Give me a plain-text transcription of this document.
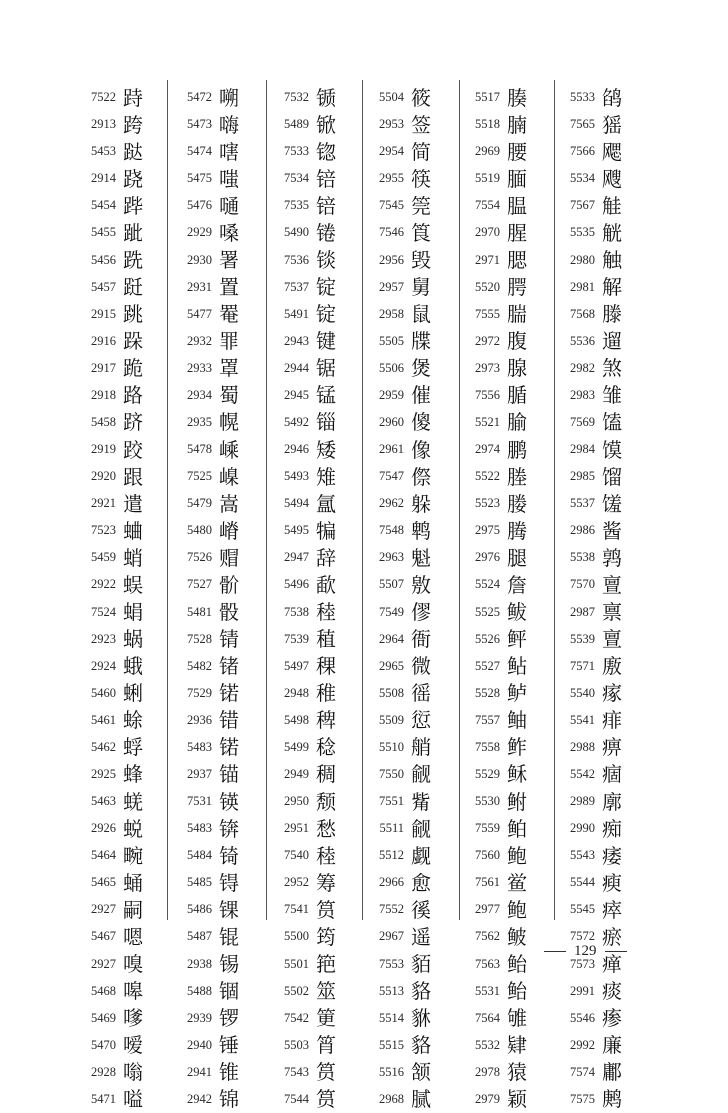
7522 跱
2913 跨
5453 跶
2914 跷
5454 跸
5455 跐
5456 跣
5457 跹
2915 跳
2916 跺
2917 跪
2918 路
5458 跻
2919 跤
2920 跟
2921 遣
7523 蛐
5459 蛸
2922 蜈
7524 蜎
2923 蜗
2924 蛾
5460 蜊
5461 蜍
5462 蜉
2925 蜂
5463 蜣
2926 蜕
5464 畹
5465 蛹
2927 嗣
5467 嗯
2927 嗅
5468 嗥
5469 嗲
5470 嗳
2928 嗡
5471 嗌
5472 嗍
5473 嗨
5474 嗐
5475 嗤
5476 嗵
2929 嗓
2930 署
2931 置
5477 罨
2932 罪
2933 罩
2934 蜀
2935 幌
5478 嵊
7525 嵲
5479 嵩
5480 嵴
7526 赗
7527 骱
5481 骰
7528 锖
5482 锗
7529 锘
2936 错
5483 锘
2937 锚
7531 锳
5483 锛
5484 锜
5485 锝
5486 锞
5487 锟
2938 锡
5488 锢
2939 锣
2940 锤
2941 锥
2942 锦
7532 锧
5489 锨
7533 锪
7534 锫
7535 锫
5490 锩
7536 锬
7537 锭
5491 锭
2943 键
2944 锯
2945 锰
5492 锱
2946 矮
5493 雉
5494 氲
5495 犏
2947 辞
5496 歃
7538 稑
7539 稙
5497 稞
2948 稚
5498 稗
5499 稔
2949 稠
2950 颓
2951 愁
7540 稑
2952 筹
7541 筼
5500 筠
5501 筢
5502 筮
7542 筻
5503 筲
7543 筼
7544 筼
5504 筱
2953 签
2954 简
2955 筷
7545 筦
7546 筤
2956 毁
2957 舅
2958 鼠
5505 牒
5506 煲
2959 催
2960 傻
2961 像
7547 傺
2962 躲
7548 鹎
2963 魁
5507 敫
7549 僇
2964 衙
2965 微
5508 徭
5509 愆
5510 艄
7550 觎
7551 觜
5511 觎
5512 觑
2966 愈
7552 徯
2967 遥
7553 貊
5513 貉
5514 貅
5515 貉
5516 颔
2968 腻
5517 腠
5518 腩
2969 腰
5519 腼
7554 腽
2970 腥
2971 腮
5520 腭
7555 腨
2972 腹
2973 腺
7556 腯
5521 腧
2974 鹏
5522 塍
5523 媵
2975 腾
2976 腿
5524 詹
5525 鲅
5526 鲆
5527 鲇
5528 鲈
7557 鲉
7558 鲊
5529 稣
5530 鲋
7559 鲌
7560 鲍
7561 鲎
2977 鲍
7562 鲏
7563 鲐
5531 鲐
7564 雊
5532 肄
2978 猿
2979 颖
5533 鹐
7565 猺
7566 飔
5534 飕
7567 觟
5535 觥
2980 触
2981 解
7568 滕
5536 遛
2982 煞
2983 雏
7569 馌
2984 馍
2985 馏
5537 馐
2986 酱
5538 鹑
7570 亶
2987 禀
5539 亶
7571 廒
5540 瘃
5541 痱
2988 痹
5542 痼
2989 廓
2990 痴
5543 痿
5544 瘐
5545 瘁
7572 瘀
7573 瘅
2991 痰
5546 瘆
2992 廉
7574 鄘
7575 鹒
129
